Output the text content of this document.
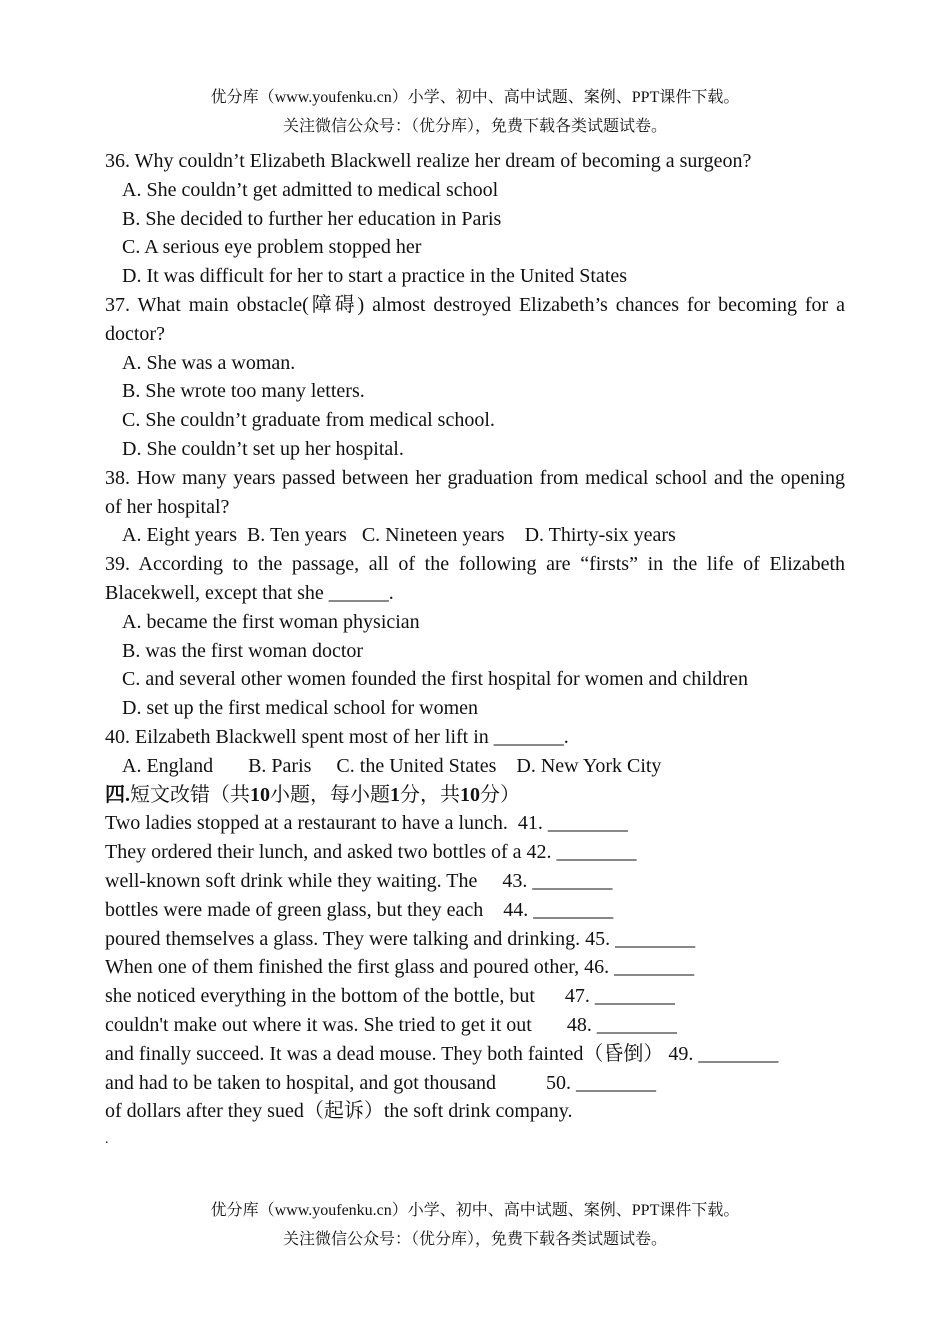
优分库（www.youfenku.cn）小学、初中、高中试题、案例、PPT课件下载。
关注微信公众号：（优分库），免费下载各类试题试卷。
36. Why couldn’t Elizabeth Blackwell realize her dream of becoming a surgeon?
A. She couldn’t get admitted to medical school
B. She decided to further her education in Paris
C. A serious eye problem stopped her
D. It was difficult for her to start a practice in the United States
37. What main obstacle(障碍) almost destroyed Elizabeth’s chances for becoming for a doctor?
A. She was a woman.
B. She wrote too many letters.
C. She couldn’t graduate from medical school.
D. She couldn’t set up her hospital.
38. How many years passed between her graduation from medical school and the opening of her hospital?
A. Eight years  B. Ten years   C. Nineteen years    D. Thirty-six years
39. According to the passage, all of the following are “firsts” in the life of Elizabeth Blacekwell, except that she ______.
A. became the first woman physician
B. was the first woman doctor
C. and several other women founded the first hospital for women and children
D. set up the first medical school for women
40. Eilzabeth Blackwell spent most of her lift in _______.
A. England       B. Paris     C. the United States    D. New York City
四.短文改错（共10小题，每小题1分，共10分）
Two ladies stopped at a restaurant to have a lunch. 41. ________
They ordered their lunch, and asked two bottles of a 42. ________
well-known soft drink while they waiting. The 43. ________
bottles were made of green glass, but they each 44. ________
poured themselves a glass. They were talking and drinking. 45. ________
When one of them finished the first glass and poured other, 46. ________
she noticed everything in the bottom of the bottle, but 47. ________
couldn't make out where it was. She tried to get it out 48. ________
and finally succeed. It was a dead mouse. They both fainted（昏倒） 49. ________
and had to be taken to hospital, and got thousand 50. ________
of dollars after they sued（起诉）the soft drink company.
.
优分库（www.youfenku.cn）小学、初中、高中试题、案例、PPT课件下载。
关注微信公众号：（优分库），免费下载各类试题试卷。
